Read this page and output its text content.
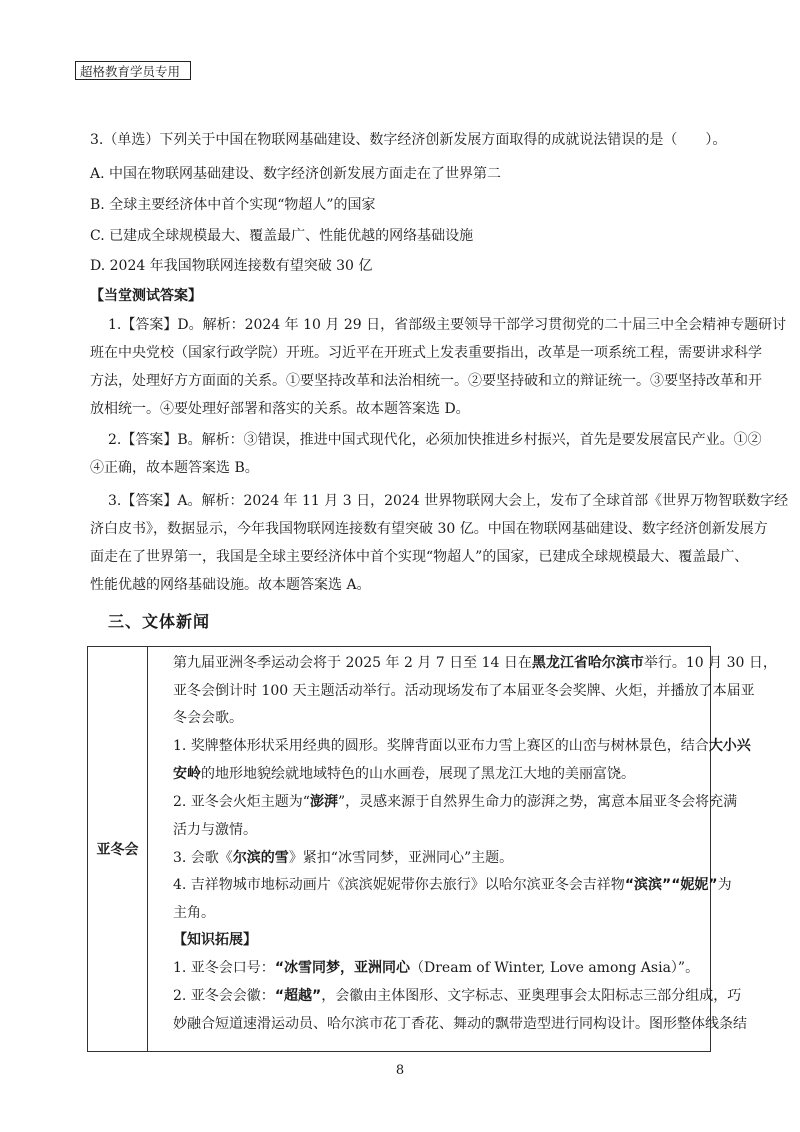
超格教育学员专用
3.（单选）下列关于中国在物联网基础建设、数字经济创新发展方面取得的成就说法错误的是（　　）。
A. 中国在物联网基础建设、数字经济创新发展方面走在了世界第二
B. 全球主要经济体中首个实现“物超人”的国家
C. 已建成全球规模最大、覆盖最广、性能优越的网络基础设施
D. 2024 年我国物联网连接数有望突破 30 亿
【当堂测试答案】
1.【答案】D。解析：2024 年 10 月 29 日，省部级主要领导干部学习贯彻党的二十届三中全会精神专题研讨
班在中央党校（国家行政学院）开班。习近平在开班式上发表重要指出，改革是一项系统工程，需要讲求科学
方法，处理好方方面面的关系。①要坚持改革和法治相统一。②要坚持破和立的辩证统一。③要坚持改革和开
放相统一。④要处理好部署和落实的关系。故本题答案选 D。
2.【答案】B。解析：③错误，推进中国式现代化，必须加快推进乡村振兴，首先是要发展富民产业。①②
④正确，故本题答案选 B。
3.【答案】A。解析：2024 年 11 月 3 日，2024 世界物联网大会上，发布了全球首部《世界万物智联数字经
济白皮书》，数据显示，今年我国物联网连接数有望突破 30 亿。中国在物联网基础建设、数字经济创新发展方
面走在了世界第一，我国是全球主要经济体中首个实现“物超人”的国家，已建成全球规模最大、覆盖最广、
性能优越的网络基础设施。故本题答案选 A。
三、文体新闻
亚冬会
第九届亚洲冬季运动会将于 2025 年 2 月 7 日至 14 日在黑龙江省哈尔滨市举行。10 月 30 日，
亚冬会倒计时 100 天主题活动举行。活动现场发布了本届亚冬会奖牌、火炬，并播放了本届亚
冬会会歌。
1. 奖牌整体形状采用经典的圆形。奖牌背面以亚布力雪上赛区的山峦与树林景色，结合大小兴
安岭的地形地貌绘就地域特色的山水画卷，展现了黑龙江大地的美丽富饶。
2. 亚冬会火炬主题为“澎湃”，灵感来源于自然界生命力的澎湃之势，寓意本届亚冬会将充满
活力与激情。
3. 会歌《尔滨的雪》紧扣“冰雪同梦，亚洲同心”主题。
4. 吉祥物城市地标动画片《滨滨妮妮带你去旅行》以哈尔滨亚冬会吉祥物“滨滨”“妮妮”为
主角。
【知识拓展】
1. 亚冬会口号：“冰雪同梦，亚洲同心（Dream of Winter, Love among Asia）”。
2. 亚冬会会徽：“超越”，会徽由主体图形、文字标志、亚奥理事会太阳标志三部分组成，巧
妙融合短道速滑运动员、哈尔滨市花丁香花、舞动的飘带造型进行同构设计。图形整体线条结
8
